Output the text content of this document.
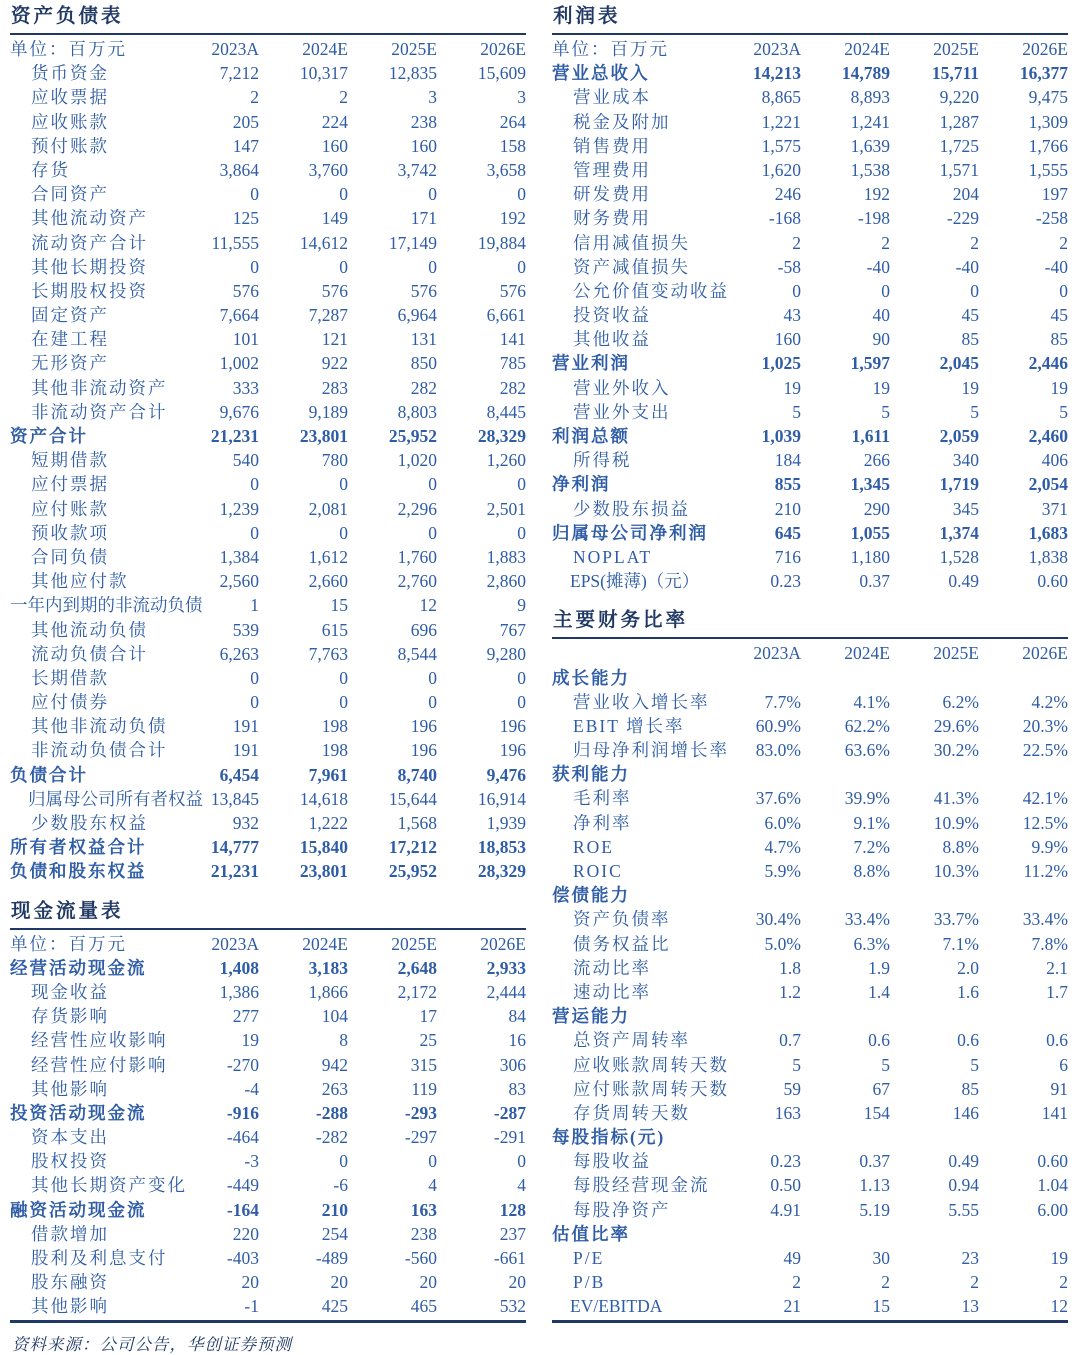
资产负债表
单位：百万元	2023A	2024E	2025E	2026E
货币资金	7,212	10,317	12,835	15,609
应收票据	2	2	3	3
应收账款	205	224	238	264
预付账款	147	160	160	158
存货	3,864	3,760	3,742	3,658
合同资产	0	0	0	0
其他流动资产	125	149	171	192
流动资产合计	11,555	14,612	17,149	19,884
其他长期投资	0	0	0	0
长期股权投资	576	576	576	576
固定资产	7,664	7,287	6,964	6,661
在建工程	101	121	131	141
无形资产	1,002	922	850	785
其他非流动资产	333	283	282	282
非流动资产合计	9,676	9,189	8,803	8,445
资产合计	21,231	23,801	25,952	28,329
短期借款	540	780	1,020	1,260
应付票据	0	0	0	0
应付账款	1,239	2,081	2,296	2,501
预收款项	0	0	0	0
合同负债	1,384	1,612	1,760	1,883
其他应付款	2,560	2,660	2,760	2,860
一年内到期的非流动负债	1	15	12	9
其他流动负债	539	615	696	767
流动负债合计	6,263	7,763	8,544	9,280
长期借款	0	0	0	0
应付债券	0	0	0	0
其他非流动负债	191	198	196	196
非流动负债合计	191	198	196	196
负债合计	6,454	7,961	8,740	9,476
归属母公司所有者权益 13,845	14,618	15,644	16,914
少数股东权益	932	1,222	1,568	1,939
所有者权益合计	14,777	15,840	17,212	18,853
负债和股东权益	21,231	23,801	25,952	28,329
现金流量表
单位：百万元	2023A	2024E	2025E	2026E
经营活动现金流	1,408	3,183	2,648	2,933
现金收益	1,386	1,866	2,172	2,444
存货影响	277	104	17	84
经营性应收影响	19	8	25	16
经营性应付影响	-270	942	315	306
其他影响	-4	263	119	83
投资活动现金流	-916	-288	-293	-287
资本支出	-464	-282	-297	-291
股权投资	-3	0	0	0
其他长期资产变化	-449	-6	4	4
融资活动现金流	-164	210	163	128
借款增加	220	254	238	237
股利及利息支付	-403	-489	-560	-661
股东融资	20	20	20	20
其他影响	-1	425	465	532
资料来源：公司公告，华创证券预测
利润表
单位：百万元	2023A	2024E	2025E	2026E
营业总收入	14,213	14,789	15,711	16,377
营业成本	8,865	8,893	9,220	9,475
税金及附加	1,221	1,241	1,287	1,309
销售费用	1,575	1,639	1,725	1,766
管理费用	1,620	1,538	1,571	1,555
研发费用	246	192	204	197
财务费用	-168	-198	-229	-258
信用减值损失	2	2	2	2
资产减值损失	-58	-40	-40	-40
公允价值变动收益	0	0	0	0
投资收益	43	40	45	45
其他收益	160	90	85	85
营业利润	1,025	1,597	2,045	2,446
营业外收入	19	19	19	19
营业外支出	5	5	5	5
利润总额	1,039	1,611	2,059	2,460
所得税	184	266	340	406
净利润	855	1,345	1,719	2,054
少数股东损益	210	290	345	371
归属母公司净利润	645	1,055	1,374	1,683
NOPLAT	716	1,180	1,528	1,838
EPS(摊薄)（元）	0.23	0.37	0.49	0.60
主要财务比率
2023A	2024E	2025E	2026E
成长能力
营业收入增长率	7.7%	4.1%	6.2%	4.2%
EBIT 增长率	60.9%	62.2%	29.6%	20.3%
归母净利润增长率	83.0%	63.6%	30.2%	22.5%
获利能力
毛利率	37.6%	39.9%	41.3%	42.1%
净利率	6.0%	9.1%	10.9%	12.5%
ROE	4.7%	7.2%	8.8%	9.9%
ROIC	5.9%	8.8%	10.3%	11.2%
偿债能力
资产负债率	30.4%	33.4%	33.7%	33.4%
债务权益比	5.0%	6.3%	7.1%	7.8%
流动比率	1.8	1.9	2.0	2.1
速动比率	1.2	1.4	1.6	1.7
营运能力
总资产周转率	0.7	0.6	0.6	0.6
应收账款周转天数	5	5	5	6
应付账款周转天数	59	67	85	91
存货周转天数	163	154	146	141
每股指标(元)
每股收益	0.23	0.37	0.49	0.60
每股经营现金流	0.50	1.13	0.94	1.04
每股净资产	4.91	5.19	5.55	6.00
估值比率
P/E	49	30	23	19
P/B	2	2	2	2
EV/EBITDA	21	15	13	12
